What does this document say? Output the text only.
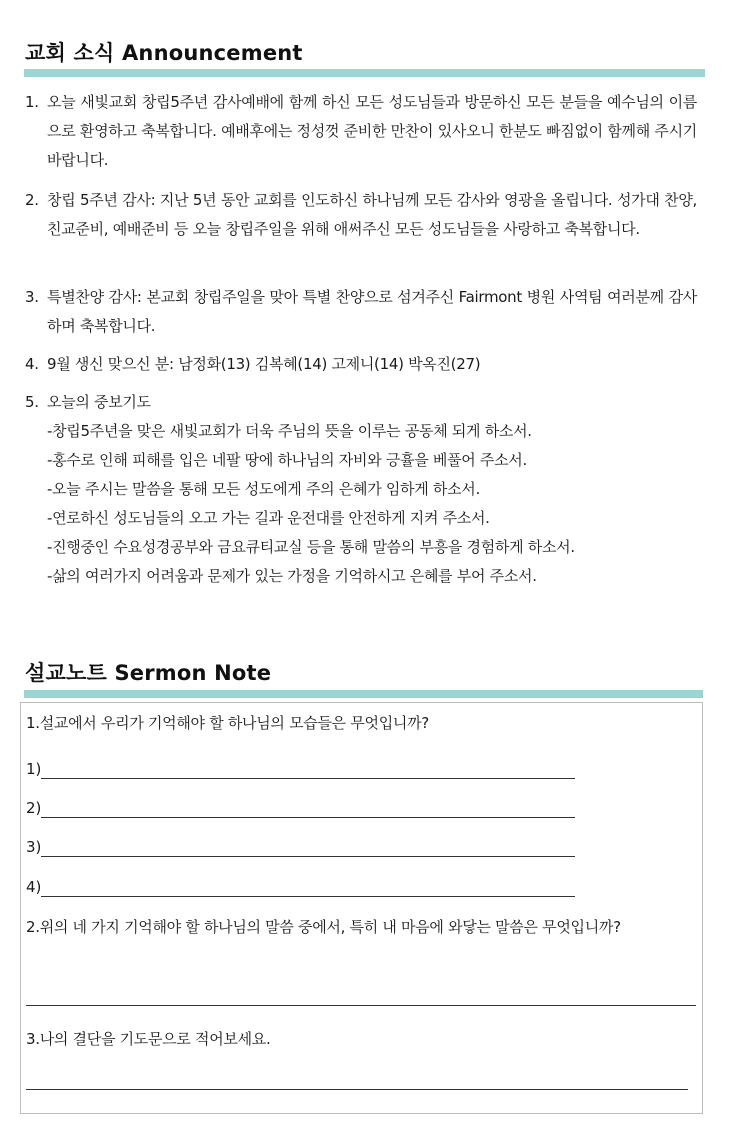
교회 소식 Announcement
1. 오늘 새빛교회 창립5주년 감사예배에 함께 하신 모든 성도님들과 방문하신 모든 분들을 예수님의 이름으로 환영하고 축복합니다. 예배후에는 정성껏 준비한 만찬이 있사오니 한분도 빠짐없이 함께해 주시기 바랍니다.
2. 창립 5주년 감사: 지난 5년 동안 교회를 인도하신 하나님께 모든 감사와 영광을 올립니다. 성가대 찬양, 친교준비, 예배준비 등 오늘 창립주일을 위해 애써주신 모든 성도님들을 사랑하고 축복합니다.
3. 특별찬양 감사: 본교회 창립주일을 맞아 특별 찬양으로 섬겨주신 Fairmont 병원 사역팀 여러분께 감사하며 축복합니다.
4. 9월 생신 맞으신 분: 남정화(13) 김복혜(14) 고제니(14) 박옥진(27)
5. 오늘의 중보기도
-창립5주년을 맞은 새빛교회가 더욱 주님의 뜻을 이루는 공동체 되게 하소서.
-홍수로 인해 피해를 입은 네팔 땅에 하나님의 자비와 긍휼을 베풀어 주소서.
-오늘 주시는 말씀을 통해 모든 성도에게 주의 은혜가 임하게 하소서.
-연로하신 성도님들의 오고 가는 길과 운전대를 안전하게 지켜 주소서.
-진행중인 수요성경공부와 금요큐티교실 등을 통해 말씀의 부흥을 경험하게 하소서.
-삶의 여러가지 어려움과 문제가 있는 가정을 기억하시고 은혜를 부어 주소서.
설교노트 Sermon Note

1.설교에서 우리가 기억해야 할 하나님의 모습들은 무엇입니까?

1)
2)
3)
4)

2.위의 네 가지 기억해야 할 하나님의 말씀 중에서, 특히 내 마음에 와닿는 말씀은 무엇입니까?

3.나의 결단을 기도문으로 적어보세요.
